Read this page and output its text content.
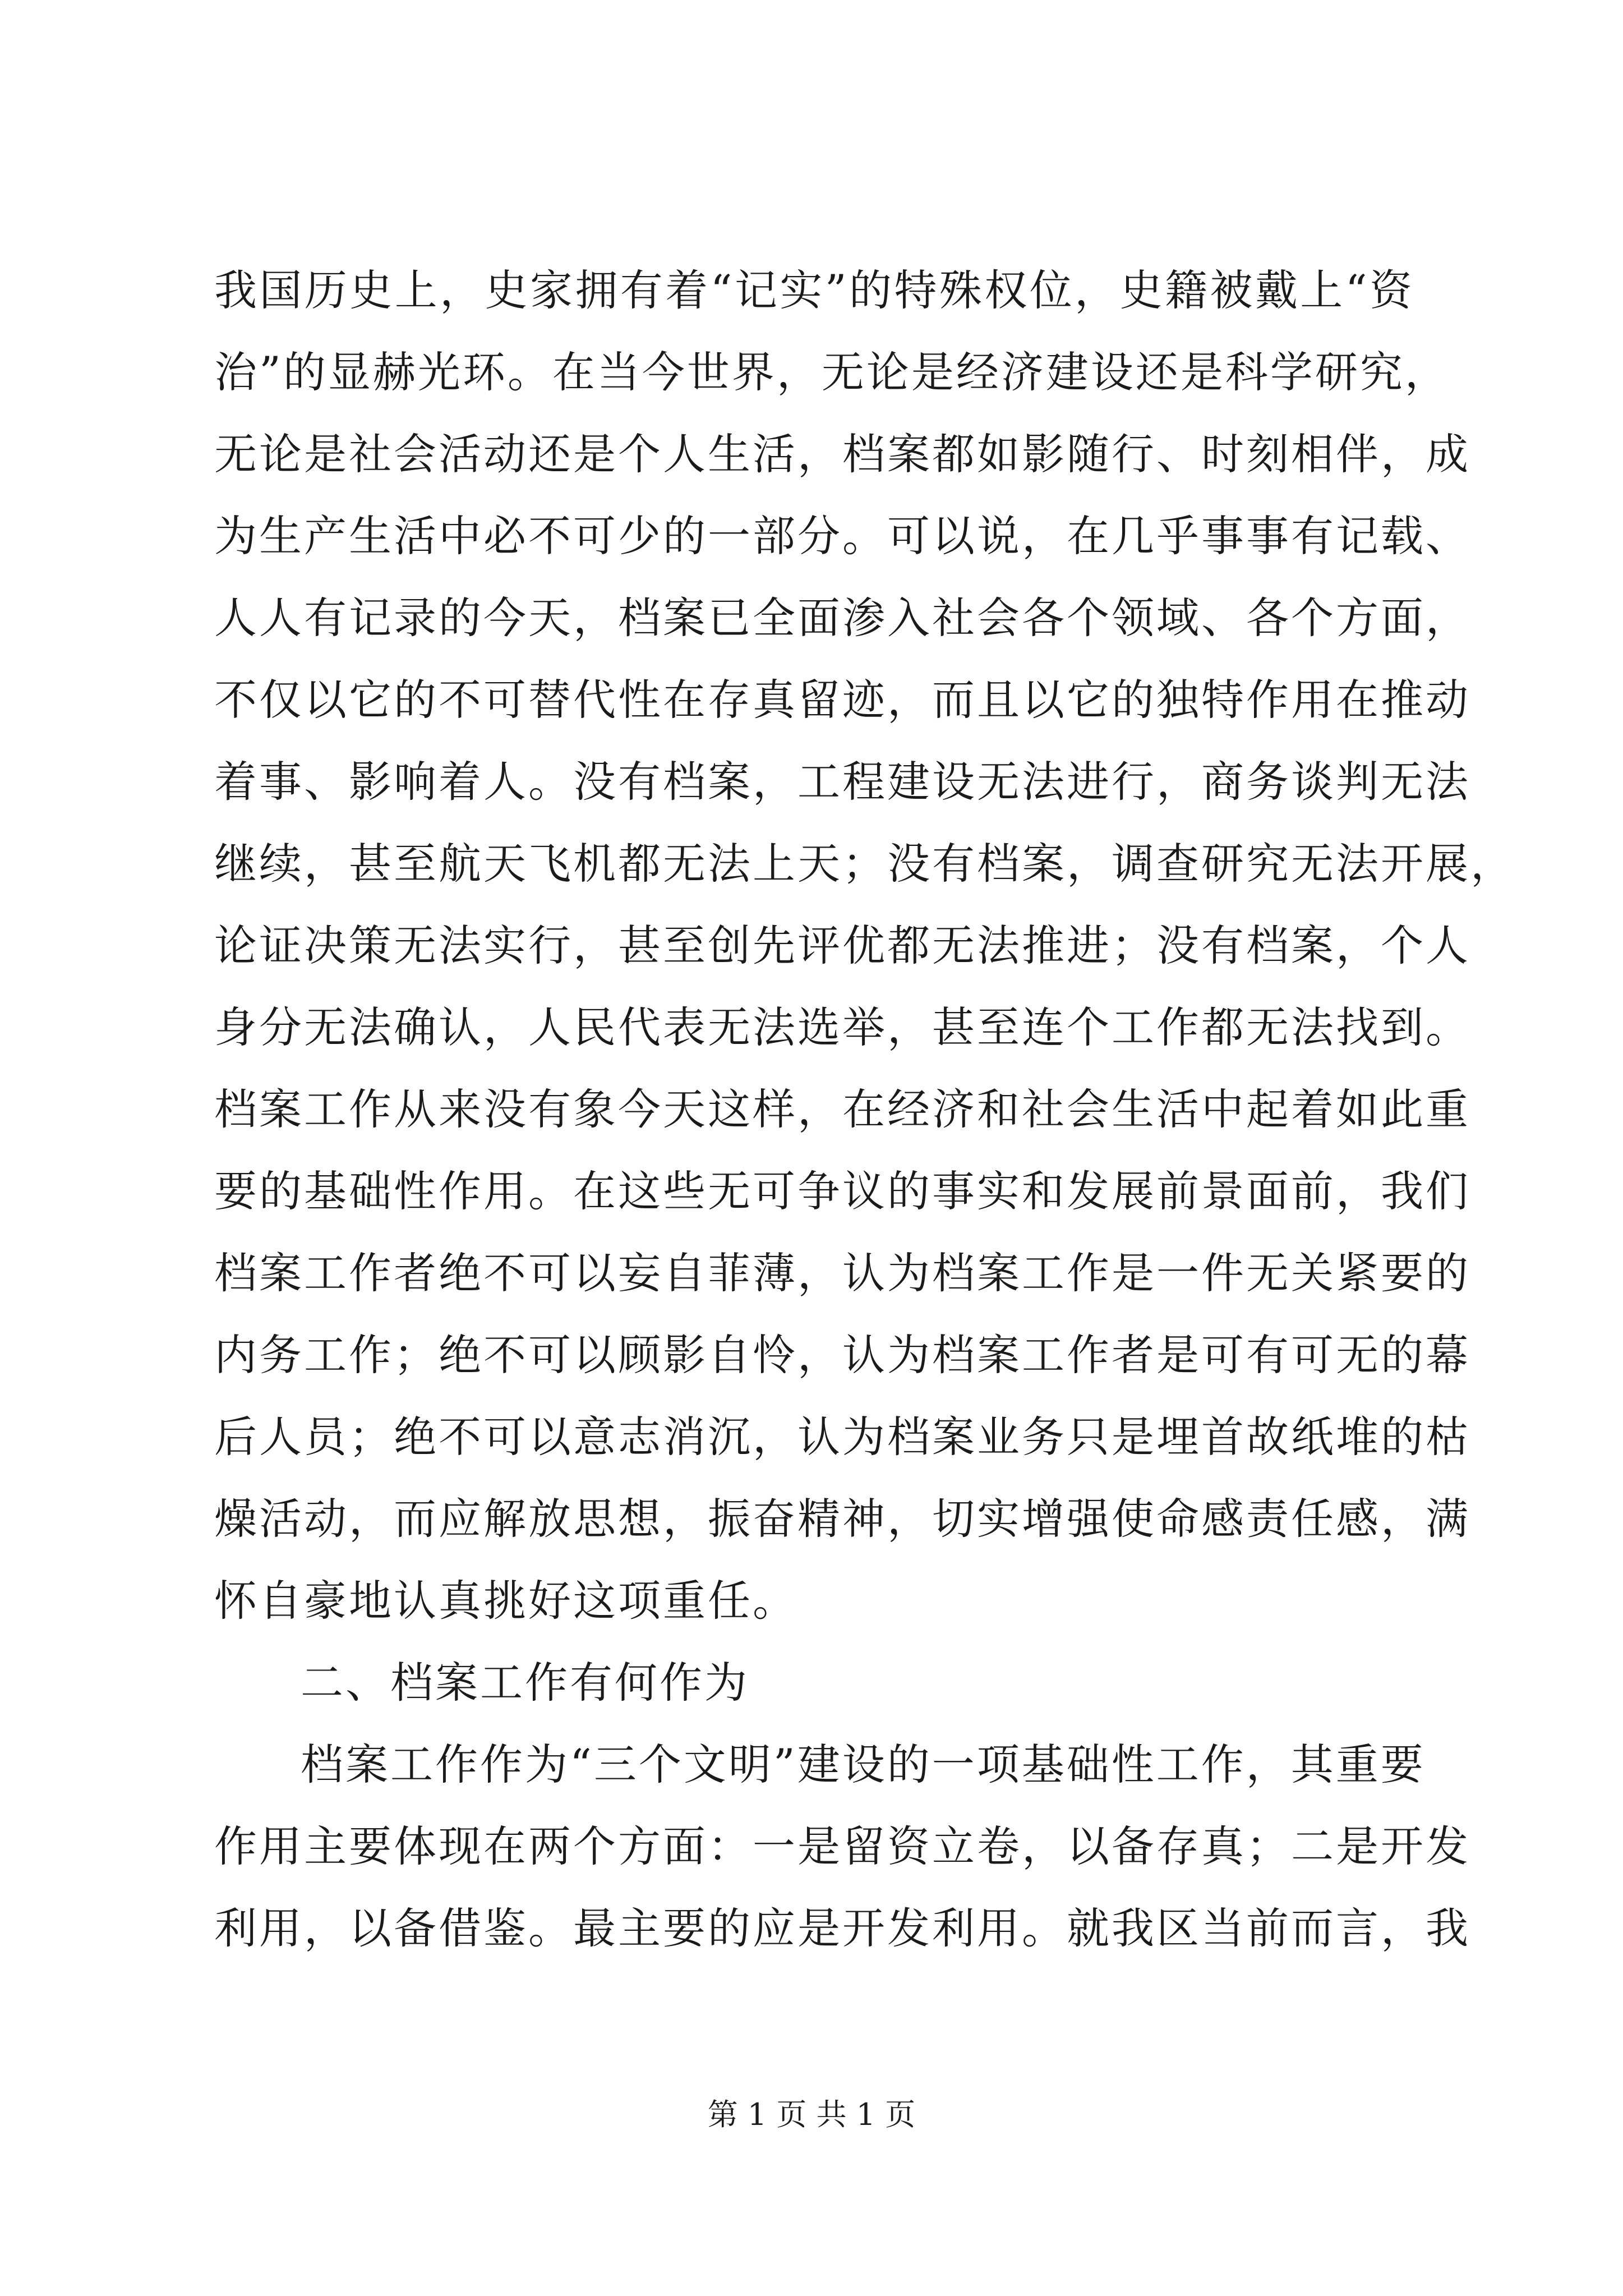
我国历史上，史家拥有着“记实”的特殊权位，史籍被戴上“资
治”的显赫光环。在当今世界，无论是经济建设还是科学研究，
无论是社会活动还是个人生活，档案都如影随行、时刻相伴，成
为生产生活中必不可少的一部分。可以说，在几乎事事有记载、
人人有记录的今天，档案已全面渗入社会各个领域、各个方面，
不仅以它的不可替代性在存真留迹，而且以它的独特作用在推动
着事、影响着人。没有档案，工程建设无法进行，商务谈判无法
继续，甚至航天飞机都无法上天；没有档案，调查研究无法开展，
论证决策无法实行，甚至创先评优都无法推进；没有档案，个人
身分无法确认，人民代表无法选举，甚至连个工作都无法找到。
档案工作从来没有象今天这样，在经济和社会生活中起着如此重
要的基础性作用。在这些无可争议的事实和发展前景面前，我们
档案工作者绝不可以妄自菲薄，认为档案工作是一件无关紧要的
内务工作；绝不可以顾影自怜，认为档案工作者是可有可无的幕
后人员；绝不可以意志消沉，认为档案业务只是埋首故纸堆的枯
燥活动，而应解放思想，振奋精神，切实增强使命感责任感，满
怀自豪地认真挑好这项重任。
二、档案工作有何作为
档案工作作为“三个文明”建设的一项基础性工作，其重要
作用主要体现在两个方面：一是留资立卷，以备存真；二是开发
利用，以备借鉴。最主要的应是开发利用。就我区当前而言，我
第 1 页 共 1 页
